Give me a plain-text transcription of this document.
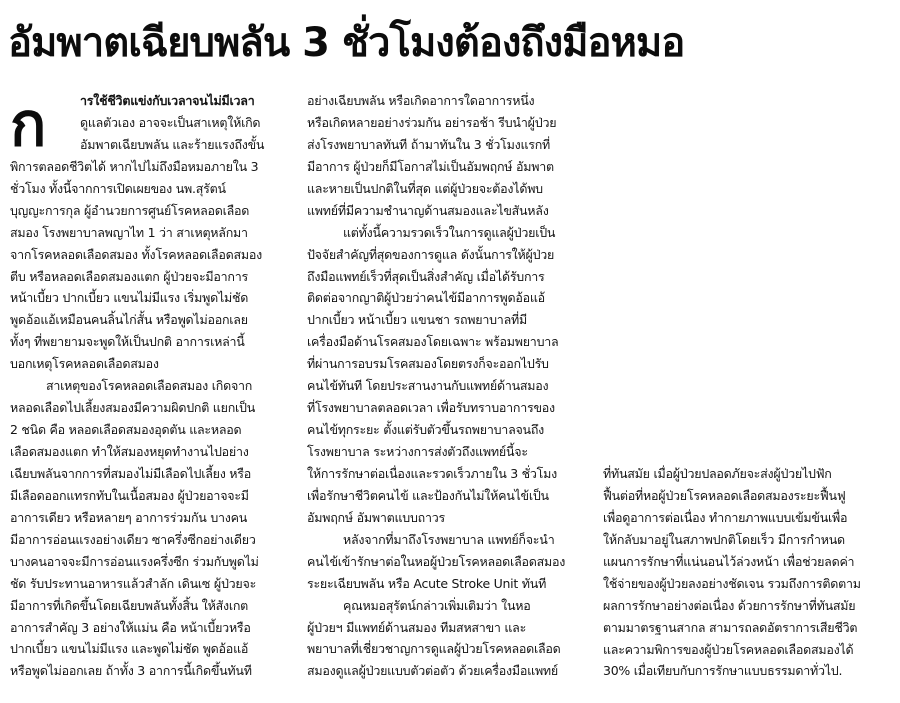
อัมพาตเฉียบพลัน 3 ชั่วโมงต้องถึงมือหมอ
ก	ารใช้ชีวิตแข่งกับเวลาจนไม่มีเวลา
ดูแลตัวเอง อาจจะเป็นสาเหตุให้เกิด
อัมพาตเฉียบพลัน และร้ายแรงถึงขั้น
พิการตลอดชีวิตได้ หากไปไม่ถึงมือหมอภายใน 3
ชั่วโมง ทั้งนี้จากการเปิดเผยของ นพ.สุรัตน์
บุญญะการกุล ผู้อำนวยการศูนย์โรคหลอดเลือด
สมอง โรงพยาบาลพญาไท 1 ว่า สาเหตุหลักมา
จากโรคหลอดเลือดสมอง ทั้งโรคหลอดเลือดสมอง
ตีบ หรือหลอดเลือดสมองแตก ผู้ป่วยจะมีอาการ
หน้าเบี้ยว ปากเบี้ยว แขนไม่มีแรง เริ่มพูดไม่ชัด
พูดอ้อแอ้เหมือนคนลิ้นไก่สั้น หรือพูดไม่ออกเลย
ทั้งๆ ที่พยายามจะพูดให้เป็นปกติ อาการเหล่านี้
บอกเหตุโรคหลอดเลือดสมอง
สาเหตุของโรคหลอดเลือดสมอง เกิดจาก
หลอดเลือดไปเลี้ยงสมองมีความผิดปกติ แยกเป็น
2 ชนิด คือ หลอดเลือดสมองอุดตัน และหลอด
เลือดสมองแตก ทำให้สมองหยุดทำงานไปอย่าง
เฉียบพลันจากการที่สมองไม่มีเลือดไปเลี้ยง หรือ
มีเลือดออกแทรกทับในเนื้อสมอง ผู้ป่วยอาจจะมี
อาการเดียว หรือหลายๆ อาการร่วมกัน บางคน
มีอาการอ่อนแรงอย่างเดียว ซาครึ่งซีกอย่างเดียว
บางคนอาจจะมีการอ่อนแรงครึ่งซีก ร่วมกับพูดไม่
ชัด รับประทานอาหารแล้วสำลัก เดินเซ ผู้ป่วยจะ
มีอาการที่เกิดขึ้นโดยเฉียบพลันทั้งสิ้น ให้สังเกต
อาการสำคัญ 3 อย่างให้แม่น คือ หน้าเบี้ยวหรือ
ปากเบี้ยว แขนไม่มีแรง และพูดไม่ชัด พูดอ้อแอ้
หรือพูดไม่ออกเลย ถ้าทั้ง 3 อาการนี้เกิดขึ้นทันที
อย่างเฉียบพลัน หรือเกิดอาการใดอาการหนึ่ง
หรือเกิดหลายอย่างร่วมกัน อย่ารอช้า รีบนำผู้ป่วย
ส่งโรงพยาบาลทันที ถ้ามาทันใน 3 ชั่วโมงแรกที่
มีอาการ ผู้ป่วยก็มีโอกาสไม่เป็นอัมพฤกษ์ อัมพาต
และหายเป็นปกติในที่สุด แต่ผู้ป่วยจะต้องได้พบ
แพทย์ที่มีความชำนาญด้านสมองและไขสันหลัง
แต่ทั้งนี้ความรวดเร็วในการดูแลผู้ป่วยเป็น
ปัจจัยสำคัญที่สุดของการดูแล ดังนั้นการให้ผู้ป่วย
ถึงมือแพทย์เร็วที่สุดเป็นสิ่งสำคัญ เมื่อได้รับการ
ติดต่อจากญาติผู้ป่วยว่าคนไข้มีอาการพูดอ้อแอ้
ปากเบี้ยว หน้าเบี้ยว แขนชา รถพยาบาลที่มี
เครื่องมือด้านโรคสมองโดยเฉพาะ พร้อมพยาบาล
ที่ผ่านการอบรมโรคสมองโดยตรงก็จะออกไปรับ
คนไข้ทันที โดยประสานงานกับแพทย์ด้านสมอง
ที่โรงพยาบาลตลอดเวลา เพื่อรับทราบอาการของ
คนไข้ทุกระยะ ตั้งแต่รับตัวขึ้นรถพยาบาลจนถึง
โรงพยาบาล ระหว่างการส่งตัวถึงแพทย์นี้จะ
ให้การรักษาต่อเนื่องและรวดเร็วภายใน 3 ชั่วโมง
เพื่อรักษาชีวิตคนไข้ และป้องกันไม่ให้คนไข้เป็น
อัมพฤกษ์ อัมพาตแบบถาวร
หลังจากที่มาถึงโรงพยาบาล แพทย์ก็จะนำ
คนไข้เข้ารักษาต่อในหอผู้ป่วยโรคหลอดเลือดสมอง
ระยะเฉียบพลัน หรือ Acute Stroke Unit ทันที
คุณหมอสุรัตน์กล่าวเพิ่มเติมว่า ในหอ
ผู้ป่วยฯ มีแพทย์ด้านสมอง ทีมสหสาขา และ
พยาบาลที่เชี่ยวชาญการดูแลผู้ป่วยโรคหลอดเลือด
สมองดูแลผู้ป่วยแบบตัวต่อตัว ด้วยเครื่องมือแพทย์
ที่ทันสมัย เมื่อผู้ป่วยปลอดภัยจะส่งผู้ป่วยไปฟัก
ฟื้นต่อที่หอผู้ป่วยโรคหลอดเลือดสมองระยะฟื้นฟู
เพื่อดูอาการต่อเนื่อง ทำกายภาพแบบเข้มข้นเพื่อ
ให้กลับมาอยู่ในสภาพปกติโดยเร็ว มีการกำหนด
แผนการรักษาที่แน่นอนไว้ล่วงหน้า เพื่อช่วยลดค่า
ใช้จ่ายของผู้ป่วยลงอย่างชัดเจน รวมถึงการติดตาม
ผลการรักษาอย่างต่อเนื่อง ด้วยการรักษาที่ทันสมัย
ตามมาตรฐานสากล สามารถลดอัตราการเสียชีวิต
และความพิการของผู้ป่วยโรคหลอดเลือดสมองได้
30% เมื่อเทียบกับการรักษาแบบธรรมดาทั่วไป.
